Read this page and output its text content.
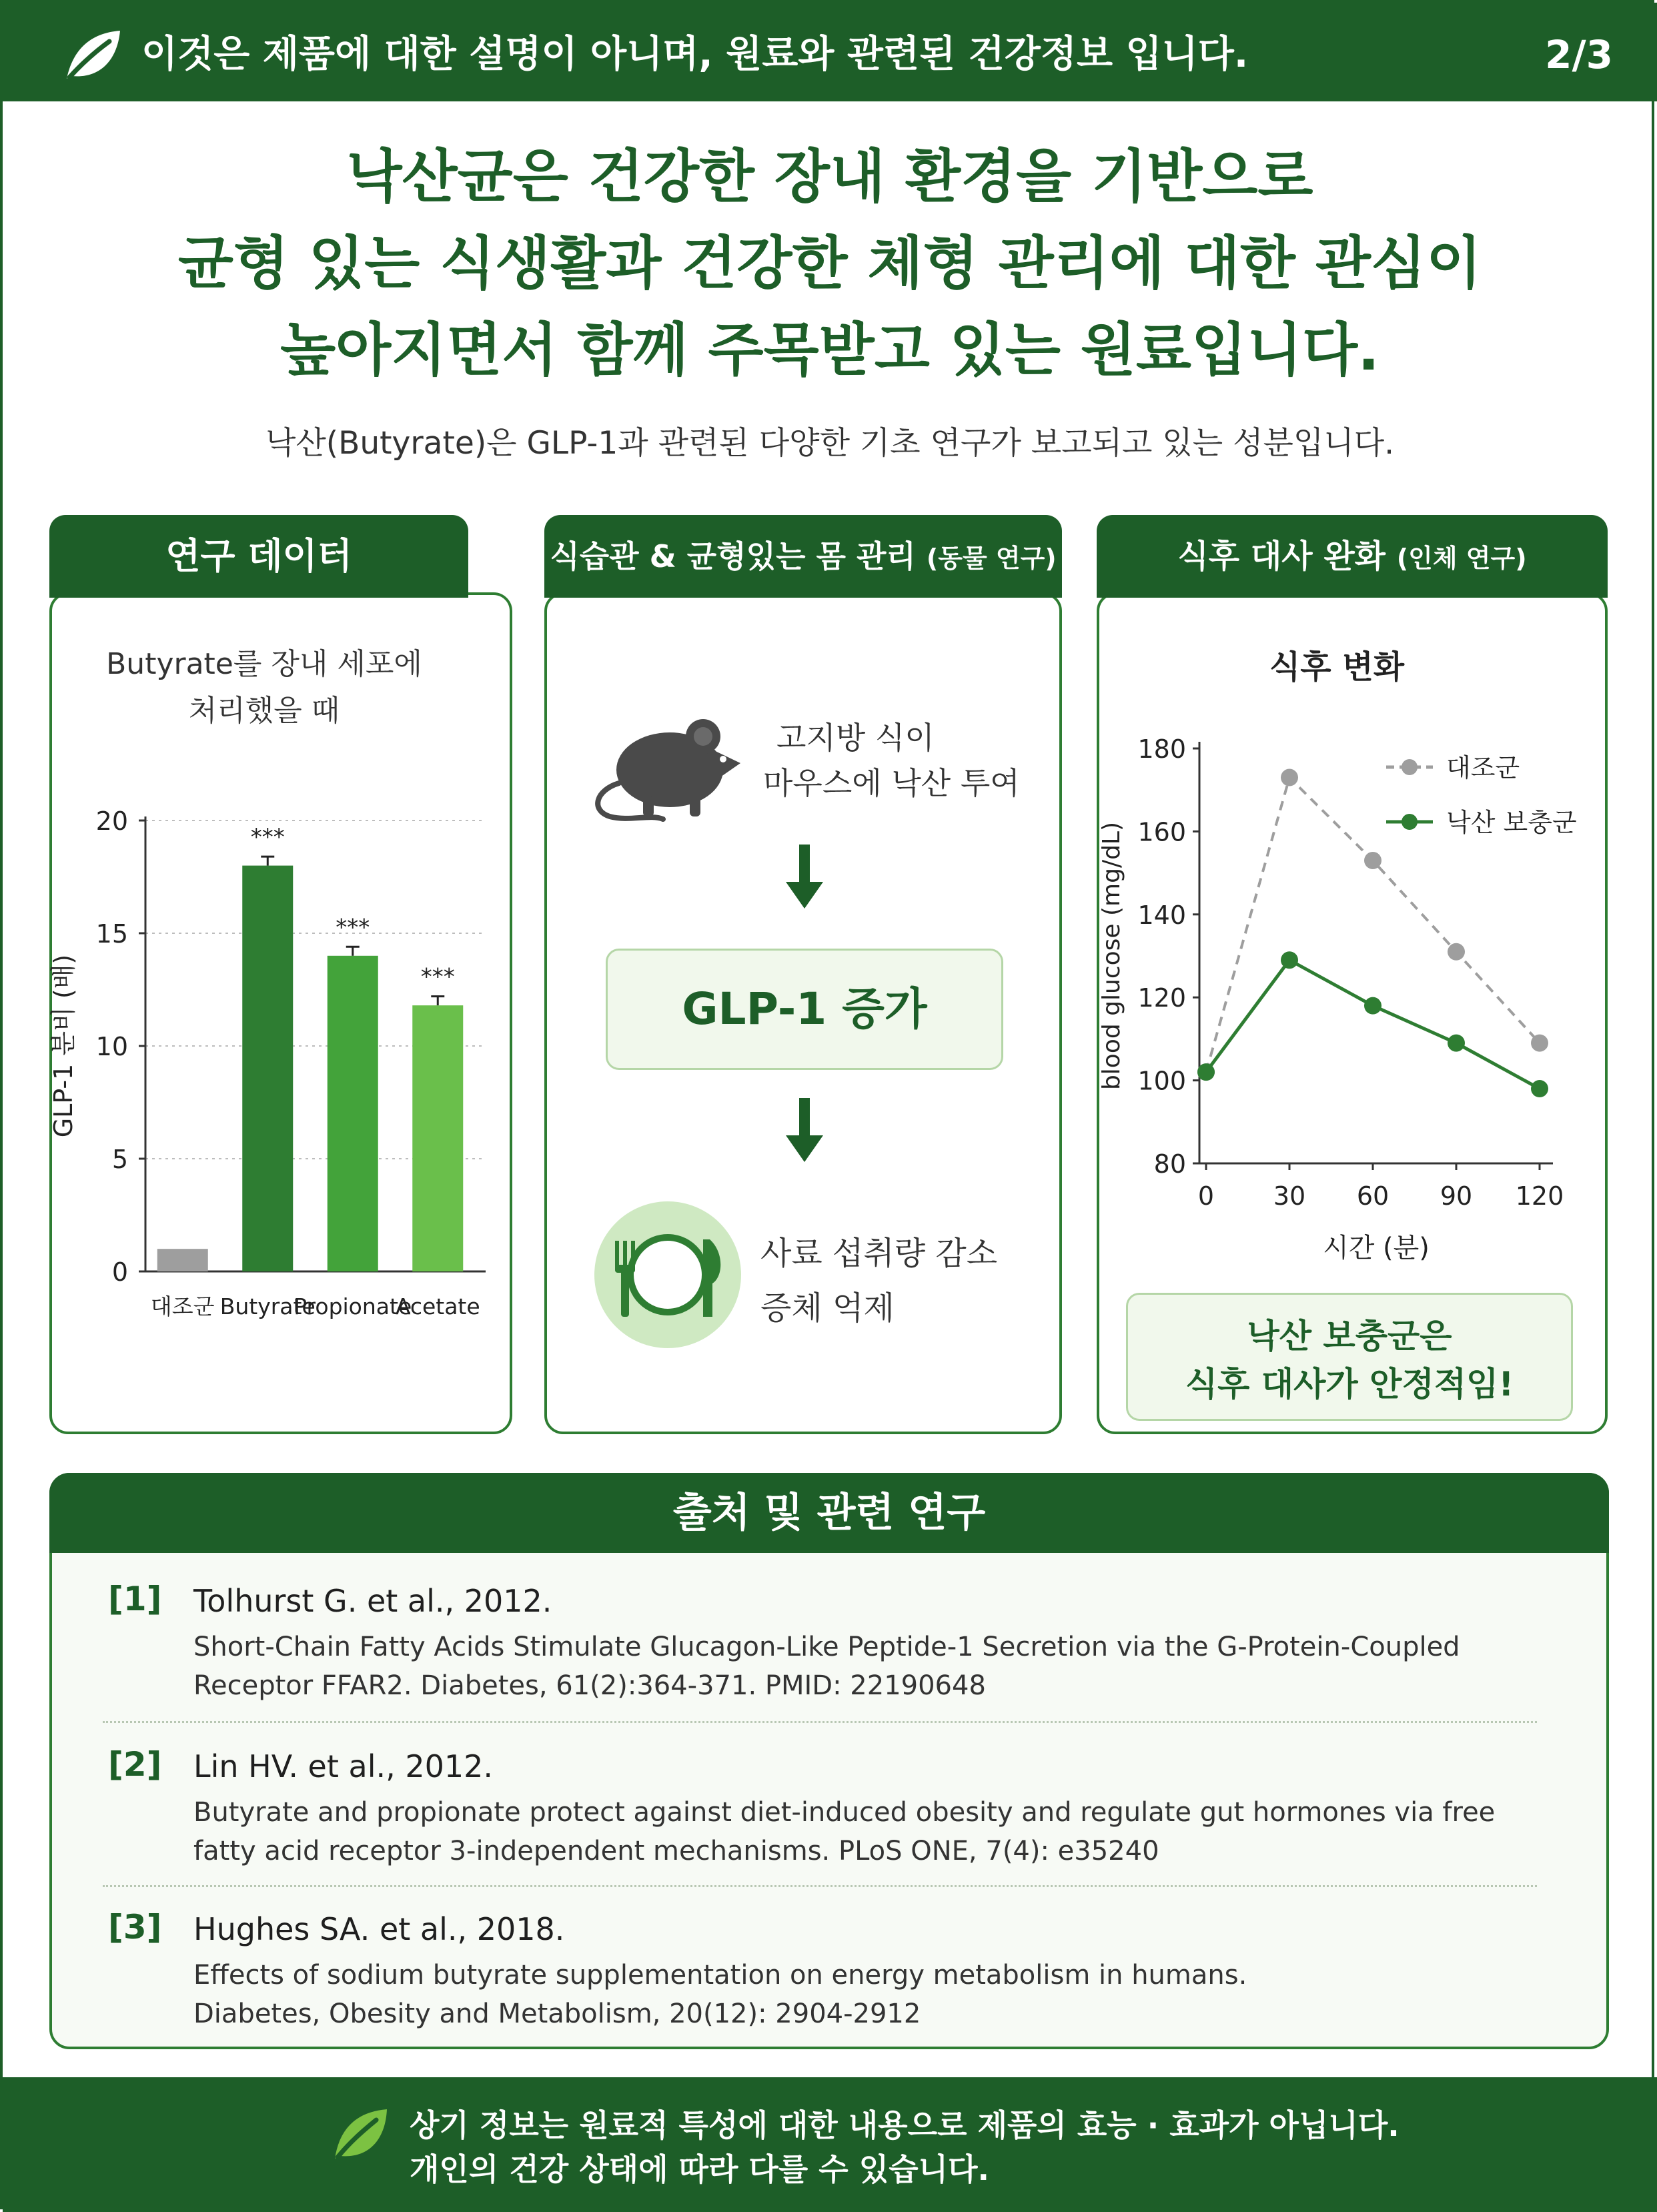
이것은 제품에 대한 설명이 아니며, 원료와 관련된 건강정보 입니다.	2/3
낙산균은 건강한 장내 환경을 기반으로
균형 있는 식생활과 건강한 체형 관리에 대한 관심이
높아지면서 함께 주목받고 있는 원료입니다.
낙산(Butyrate)은 GLP-1과 관련된 다양한 기초 연구가 보고되고 있는 성분입니다.
연구 데이터
Butyrate를 장내 세포에
처리했을 때
0
5
10
15
20
***
***
***
대조군 Butyrate
Propionate
Acetate
GLP-1 분비 (배)
식습관 & 균형있는 몸 관리 (동물 연구)
고지방 식이
마우스에 낙산 투여
GLP-1 증가
사료 섭취량 감소
증체 억제
식후 대사 완화 (인체 연구)
식후 변화
80
100
120
140
160
180
0 30 60 90 120
대조군
낙산 보충군
시간 (분)
blood glucose (mg/dL)
낙산 보충군은
식후 대사가 안정적임!
출처 및 관련 연구
[1] Tolhurst G. et al., 2012.
Short-Chain Fatty Acids Stimulate Glucagon-Like Peptide-1 Secretion via the G-Protein-Coupled
Receptor FFAR2. Diabetes, 61(2):364-371. PMID: 22190648
[2] Lin HV. et al., 2012.
Butyrate and propionate protect against diet-induced obesity and regulate gut hormones via free
fatty acid receptor 3-independent mechanisms. PLoS ONE, 7(4): e35240
[3] Hughes SA. et al., 2018.
Effects of sodium butyrate supplementation on energy metabolism in humans.
Diabetes, Obesity and Metabolism, 20(12): 2904-2912
상기 정보는 원료적 특성에 대한 내용으로 제품의 효능 · 효과가 아닙니다.
개인의 건강 상태에 따라 다를 수 있습니다.
